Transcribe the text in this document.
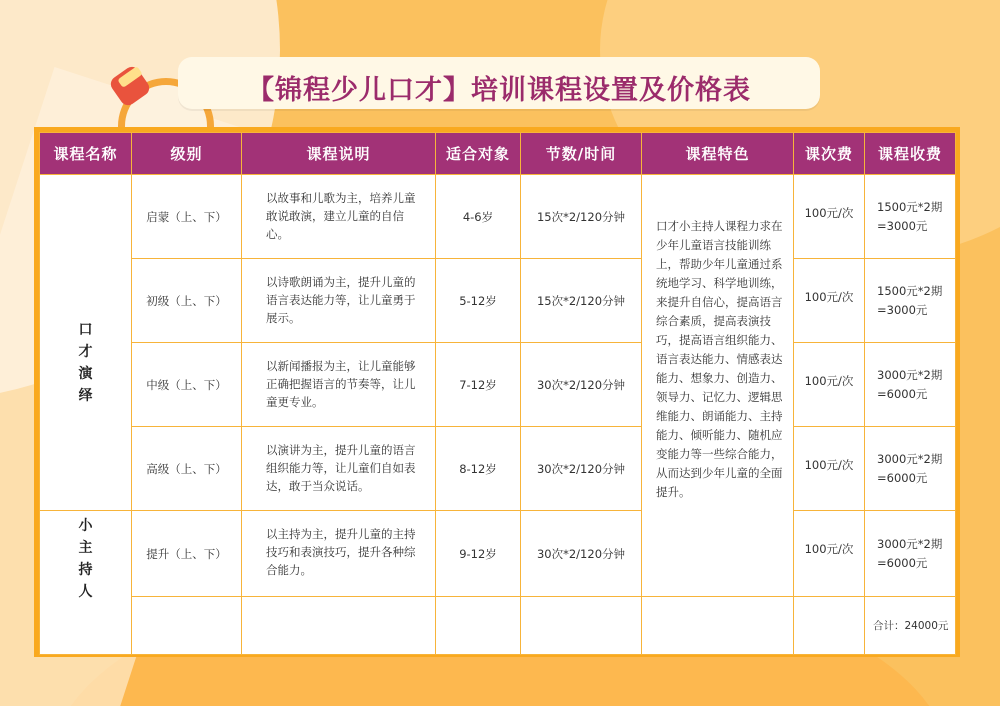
【锦程少儿口才】培训课程设置及价格表
课程名称	级别	课程说明	适合对象	节数/时间	课程特色	课次费	课程收费
口才演绎	启蒙（上、下）	以故事和儿歌为主，培养儿童敢说敢演，建立儿童的自信心。	4-6岁	15次*2/120分钟	口才小主持人课程力求在少年儿童语言技能训练上，帮助少年儿童通过系统地学习、科学地训练，来提升自信心，提高语言综合素质，提高表演技巧，提高语言组织能力、语言表达能力、情感表达能力、想象力、创造力、领导力、记忆力、逻辑思维能力、朗诵能力、主持能力、倾听能力、随机应变能力等一些综合能力，从而达到少年儿童的全面提升。	100元/次	1500元*2期=3000元
	初级（上、下）	以诗歌朗诵为主，提升儿童的语言表达能力等，让儿童勇于展示。	5-12岁	15次*2/120分钟		100元/次	1500元*2期=3000元
	中级（上、下）	以新闻播报为主，让儿童能够正确把握语言的节奏等，让儿童更专业。	7-12岁	30次*2/120分钟		100元/次	3000元*2期=6000元
	高级（上、下）	以演讲为主，提升儿童的语言组织能力等，让儿童们自如表达，敢于当众说话。	8-12岁	30次*2/120分钟		100元/次	3000元*2期=6000元
小主持人	提升（上、下）	以主持为主，提升儿童的主持技巧和表演技巧，提升各种综合能力。	9-12岁	30次*2/120分钟		100元/次	3000元*2期=6000元
							合计：24000元
